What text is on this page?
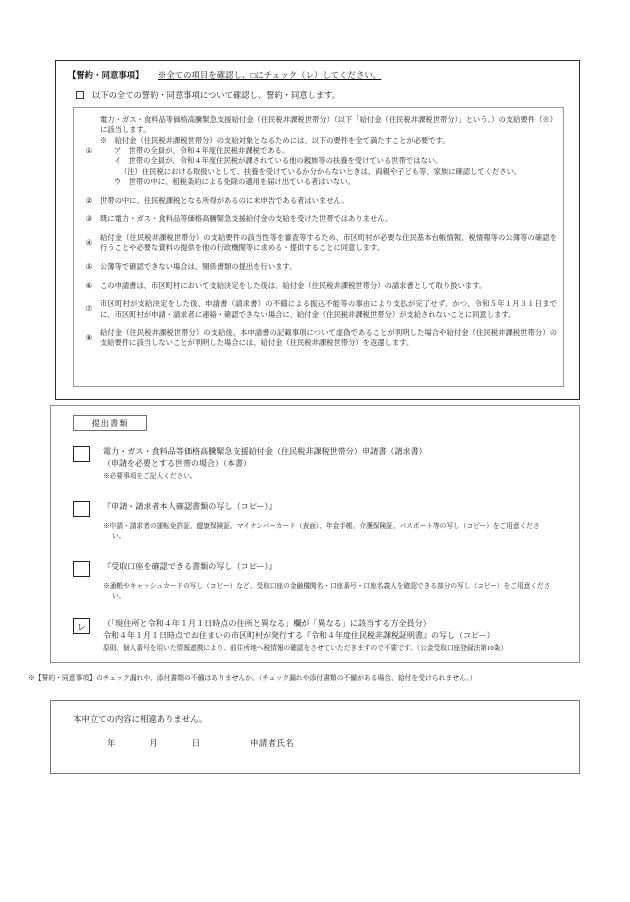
【誓約・同意事項】 ※全ての項目を確認し、□にチェック（レ）してください。
以下の全ての誓約・同意事項について確認し、誓約・同意します。
①

電力・ガス・食料品等価格高騰緊急支援給付金（住民税非課税世帯分）（以下「給付金（住民税非課税世帯分）」という。）の支給要件（※）に該当します。

※　給付金（住民税非課税世帯分）の支給対象となるためには、以下の要件を全て満たすことが必要です。

ア　世帯の全員が、令和４年度住民税非課税である。

イ　世帯の全員が、令和４年度住民税が課されている他の親族等の扶養を受けている世帯ではない。

（注）住民税における取扱いとして、扶養を受けているか分からないときは、両親や子ども等、家族に確認してください。

ウ　世帯の中に、租税条約による免除の適用を届け出ている者はいない。

②	世帯の中に、住民税課税となる所得があるのに未申告である者はいません。

③	既に電力・ガス・食料品等価格高騰緊急支援給付金の支給を受けた世帯ではありません。

④

給付金（住民税非課税世帯分）の支給要件の該当性等を審査等するため、市区町村が必要な住民基本台帳情報、税情報等の公簿等の確認を行うことや必要な資料の提供を他の行政機関等に求める・提供することに同意します。

⑤	公簿等で確認できない場合は、関係書類の提出を行います。

⑥	この申請書は、市区町村において支給決定をした後は、給付金（住民税非課税世帯分）の請求書として取り扱います。

⑦

市区町村が支給決定をした後、申請書（請求書）の不備による振込不能等の事由により支払が完了せず、かつ、令和５年１月３１日までに、市区町村が申請・請求者に連絡・確認できない場合に、給付金（住民税非課税世帯分）が支給されないことに同意します。

⑧

給付金（住民税非課税世帯分）の支給後、本申請書の記載事項について虚偽であることが判明した場合や給付金（住民税非課税世帯分）の支給要件に該当しないことが判明した場合には、給付金（住民税非課税世帯分）を返還します。

提出書類
電力・ガス・食料品等価格高騰緊急支援給付金（住民税非課税世帯分）申請書（請求書）
（申請を必要とする世帯の場合）（本書）
※必要事項をご記入ください。
『申請・請求者本人確認書類の写し（コピー）』
※申請・請求者の運転免許証、健康保険証、マイナンバーカード（表面）、年金手帳、介護保険証、パスポート等の写し（コピー）をご用意ください。
『受取口座を確認できる書類の写し（コピー）』
※通帳やキャッシュカードの写し（コピー）など、受取口座の金融機関名・口座番号・口座名義人を確認できる部分の写し（コピー）をご用意ください。
レ	（「現住所と令和４年１月１日時点の住所と異なる」欄が「異なる」に該当する方全員分）
令和４年１月１日時点でお住まいの市区町村が発行する『令和４年度住民税非課税証明書』の写し（コピー）
原則、個人番号を用いた情報連携により、前住所地へ税情報の確認をさせていただきますので不要です。（公金受取口座登録法第10条）
※【誓約・同意事項】のチェック漏れや、添付書類の不備はありませんか。（チェック漏れや添付書類の不備がある場合、給付を受けられません。）
本申立ての内容に相違ありません。
年	月	日	申請者氏名
